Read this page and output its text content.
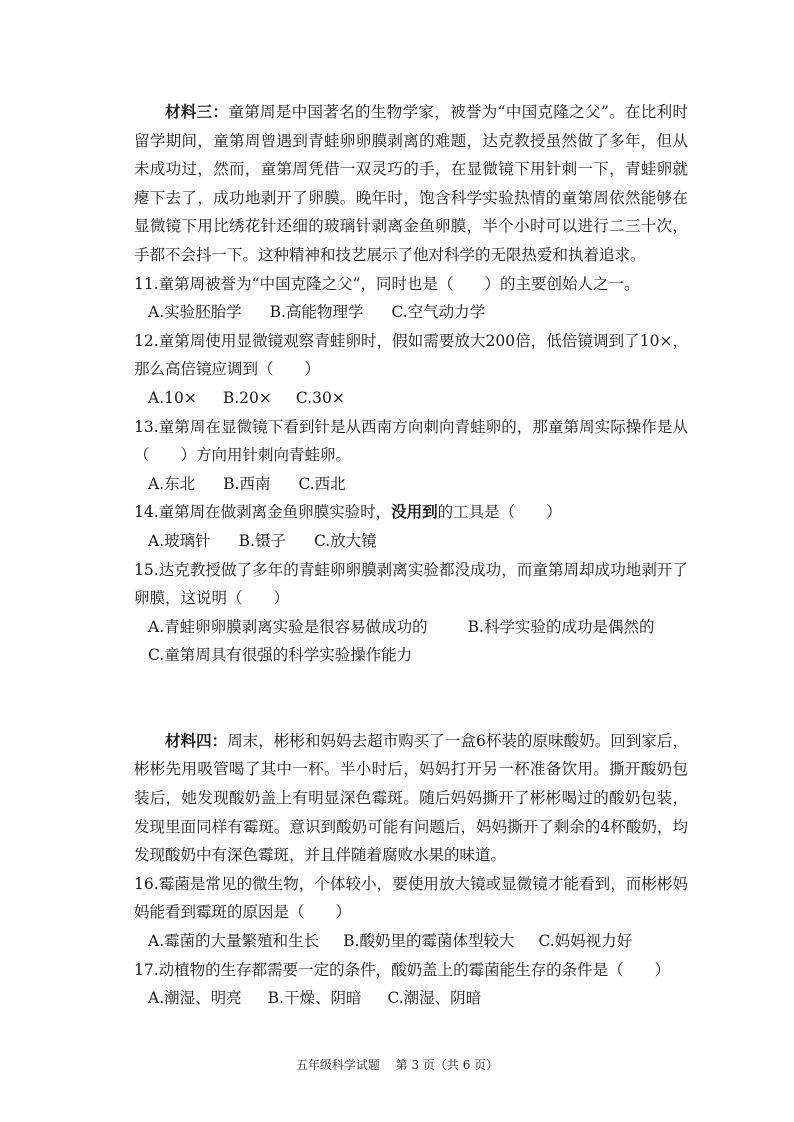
材料三：童第周是中国著名的生物学家，被誉为“中国克隆之父”。在比利时留学期间，童第周曾遇到青蛙卵卵膜剥离的难题，达克教授虽然做了多年，但从未成功过，然而，童第周凭借一双灵巧的手，在显微镜下用针刺一下，青蛙卵就瘪下去了，成功地剥开了卵膜。晚年时，饱含科学实验热情的童第周依然能够在显微镜下用比绣花针还细的玻璃针剥离金鱼卵膜，半个小时可以进行二三十次，手都不会抖一下。这种精神和技艺展示了他对科学的无限热爱和执着追求。

11.童第周被誉为“中国克隆之父”，同时也是（　　）的主要创始人之一。

A.实验胚胎学 B.高能物理学 C.空气动力学

12.童第周使用显微镜观察青蛙卵时，假如需要放大200倍，低倍镜调到了10×，那么高倍镜应调到（　　）

A.10× B.20× C.30×

13.童第周在显微镜下看到针是从西南方向刺向青蛙卵的，那童第周实际操作是从（　　）方向用针刺向青蛙卵。

A.东北 B.西南 C.西北

14.童第周在做剥离金鱼卵膜实验时，没用到的工具是（　　）

A.玻璃针 B.镊子 C.放大镜

15.达克教授做了多年的青蛙卵卵膜剥离实验都没成功，而童第周却成功地剥开了卵膜，这说明（　　）

A.青蛙卵卵膜剥离实验是很容易做成功的	B.科学实验的成功是偶然的
C.童第周具有很强的科学实验操作能力

材料四：周末，彬彬和妈妈去超市购买了一盒6杯装的原味酸奶。回到家后，彬彬先用吸管喝了其中一杯。半小时后，妈妈打开另一杯准备饮用。撕开酸奶包装后，她发现酸奶盖上有明显深色霉斑。随后妈妈撕开了彬彬喝过的酸奶包装，发现里面同样有霉斑。意识到酸奶可能有问题后，妈妈撕开了剩余的4杯酸奶，均发现酸奶中有深色霉斑，并且伴随着腐败水果的味道。

16.霉菌是常见的微生物，个体较小，要使用放大镜或显微镜才能看到，而彬彬妈妈能看到霉斑的原因是（　　）

A.霉菌的大量繁殖和生长 B.酸奶里的霉菌体型较大 C.妈妈视力好

17.动植物的生存都需要一定的条件，酸奶盖上的霉菌能生存的条件是（　　）

A.潮湿、明亮 B.干燥、阴暗 C.潮湿、阴暗
五年级科学试题　 第 3 页（共 6 页）
